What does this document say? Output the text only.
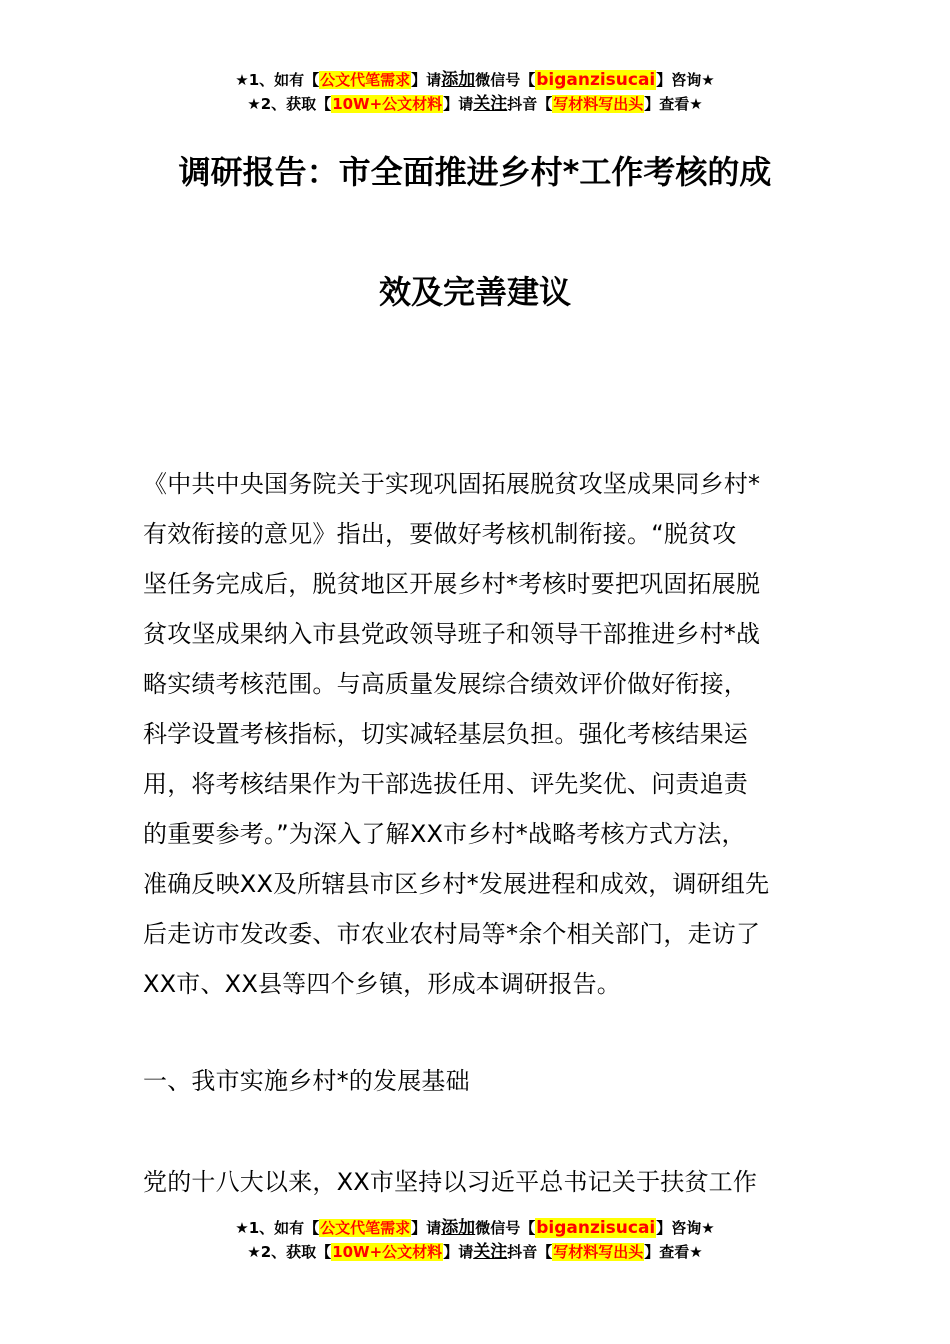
★1、如有【公文代笔需求】请添加微信号【biganzisucai】咨询★
★2、获取【10W+公文材料】请关注抖音【写材料写出头】查看★
调研报告：市全面推进乡村*工作考核的成
效及完善建议
《中共中央国务院关于实现巩固拓展脱贫攻坚成果同乡村*
有效衔接的意见》指出，要做好考核机制衔接。“脱贫攻
坚任务完成后，脱贫地区开展乡村*考核时要把巩固拓展脱
贫攻坚成果纳入市县党政领导班子和领导干部推进乡村*战
略实绩考核范围。与高质量发展综合绩效评价做好衔接，
科学设置考核指标，切实减轻基层负担。强化考核结果运
用，将考核结果作为干部选拔任用、评先奖优、问责追责
的重要参考。”为深入了解XX市乡村*战略考核方式方法，
准确反映XX及所辖县市区乡村*发展进程和成效，调研组先
后走访市发改委、市农业农村局等*余个相关部门，走访了
XX市、XX县等四个乡镇，形成本调研报告。
一、我市实施乡村*的发展基础
党的十八大以来，XX市坚持以习近平总书记关于扶贫工作
★1、如有【公文代笔需求】请添加微信号【biganzisucai】咨询★
★2、获取【10W+公文材料】请关注抖音【写材料写出头】查看★
